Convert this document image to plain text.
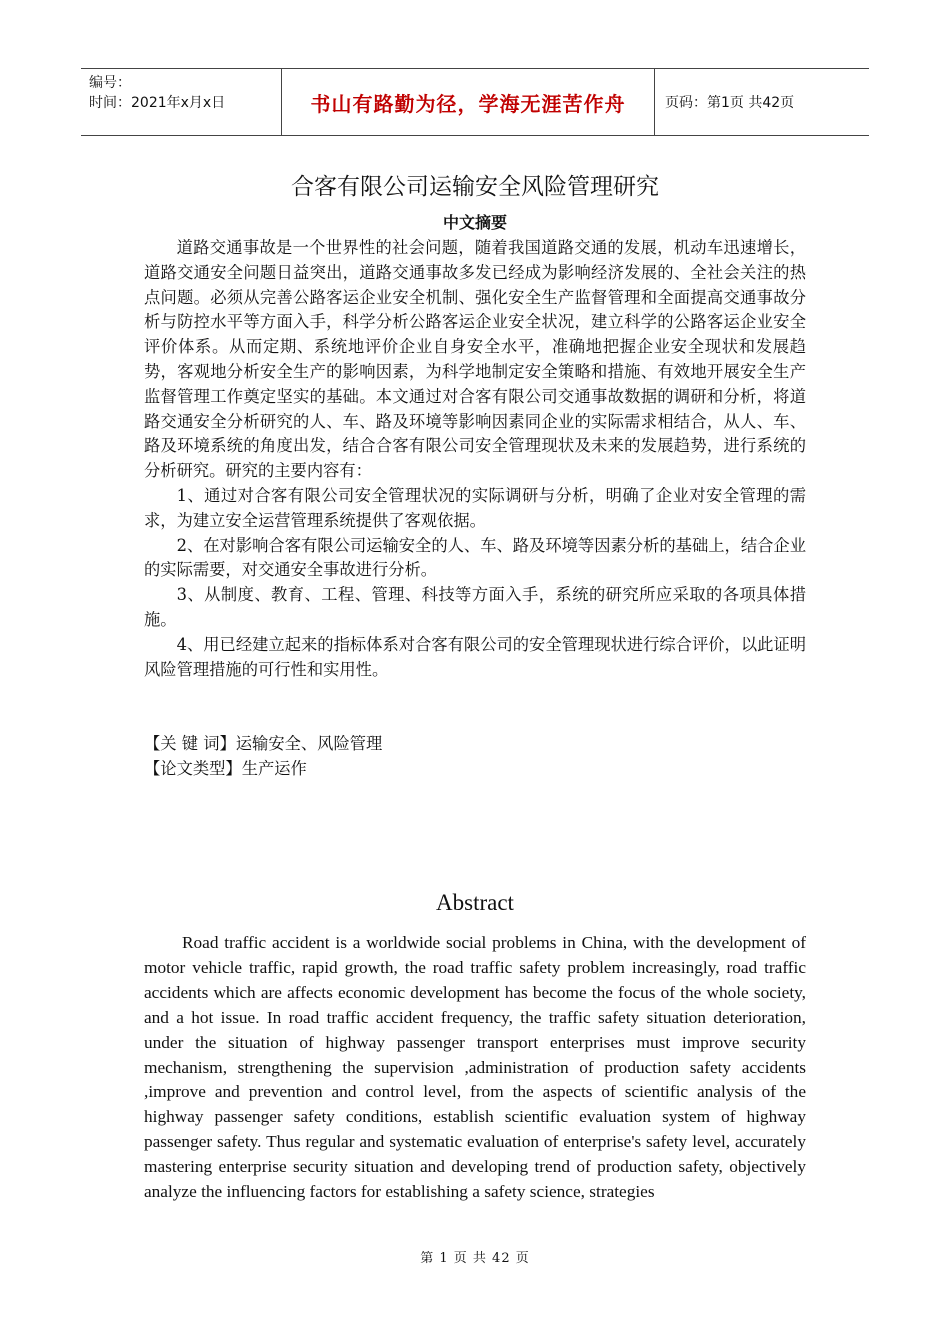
编号：
时间：2021年x月x日	书山有路勤为径，学海无涯苦作舟	页码：第1页 共42页
合客有限公司运输安全风险管理研究
中文摘要

道路交通事故是一个世界性的社会问题，随着我国道路交通的发展，机动车迅速增长，道路交通安全问题日益突出，道路交通事故多发已经成为影响经济发展的、全社会关注的热点问题。必须从完善公路客运企业安全机制、强化安全生产监督管理和全面提高交通事故分析与防控水平等方面入手，科学分析公路客运企业安全状况，建立科学的公路客运企业安全评价体系。从而定期、系统地评价企业自身安全水平，准确地把握企业安全现状和发展趋势，客观地分析安全生产的影响因素，为科学地制定安全策略和措施、有效地开展安全生产监督管理工作奠定坚实的基础。本文通过对合客有限公司交通事故数据的调研和分析，将道路交通安全分析研究的人、车、路及环境等影响因素同企业的实际需求相结合，从人、车、路及环境系统的角度出发，结合合客有限公司安全管理现状及未来的发展趋势，进行系统的分析研究。研究的主要内容有：

1、通过对合客有限公司安全管理状况的实际调研与分析，明确了企业对安全管理的需求，为建立安全运营管理系统提供了客观依据。

2、在对影响合客有限公司运输安全的人、车、路及环境等因素分析的基础上，结合企业的实际需要，对交通安全事故进行分析。

3、从制度、教育、工程、管理、科技等方面入手，系统的研究所应采取的各项具体措施。

4、用已经建立起来的指标体系对合客有限公司的安全管理现状进行综合评价，以此证明风险管理措施的可行性和实用性。

【关 键 词】运输安全、风险管理
【论文类型】生产运作
Abstract

Road traffic accident is a worldwide social problems in China, with the development of motor vehicle traffic, rapid growth, the road traffic safety problem increasingly, road traffic accidents which are affects economic development has become the focus of the whole society, and a hot issue. In road traffic accident frequency, the traffic safety situation deterioration, under the situation of highway passenger transport enterprises must improve security mechanism, strengthening the supervision ,administration of production safety accidents ,improve and prevention and control level, from the aspects of scientific analysis of the highway passenger safety conditions, establish scientific evaluation system of highway passenger safety. Thus regular and systematic evaluation of enterprise's safety level, accurately mastering enterprise security situation and developing trend of production safety, objectively analyze the influencing factors for establishing a safety science, strategies

第 1 页 共 42 页
